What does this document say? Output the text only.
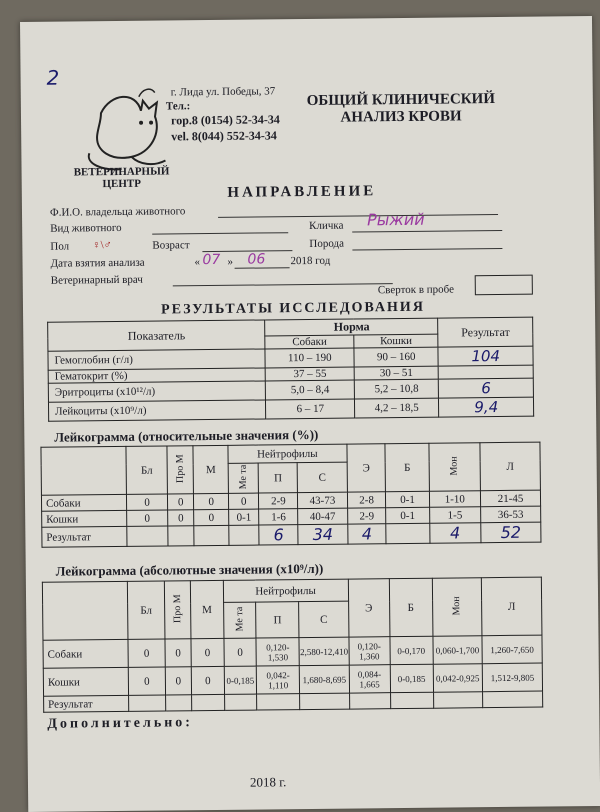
2
г. Лида ул. Победы, 37
Тел.:
гор.8 (0154) 52-34-34
vel. 8(044) 552-34-34
ОБЩИЙ КЛИНИЧЕСКИЙ
АНАЛИЗ КРОВИ
ВЕТЕРИНАРНЫЙ
ЦЕНТР	НАПРАВЛЕНИЕ
Ф.И.О. владельца животного
Вид животного	Кличка Рыжий
Пол ♀\♂	Возраст	Порода
Дата взятия анализа	« 07 » 06 2018 год
Ветеринарный врач
Сверток в пробе
РЕЗУЛЬТАТЫ ИССЛЕДОВАНИЯ
Показатель	Норма		Результат
	Собаки	Кошки	
Гемоглобин (г/л)	110 – 190	90 – 160	104
Гематокрит (%)	37 – 55	30 – 51	
Эритроциты (x10¹²/л)	5,0 – 8,4	5,2 – 10,8	6
Лейкоциты (x10⁹/л)	6 – 17	4,2 – 18,5	9,4
Лейкограмма (относительные значения (%))
	Бл	Про М	М	Нейтрофилы			Э	Б	Мон	Л
				Ме та	П	С				
Собаки	0	0	0	0	2-9	43-73	2-8	0-1	1-10	21-45
Кошки	0	0	0	0-1	1-6	40-47	2-9	0-1	1-5	36-53
Результат					6	34	4		4	52
Лейкограмма (абсолютные значения (x10⁹/л))
	Бл	Про М	М	Нейтрофилы			Э	Б	Мон	Л
				Ме та	П	С				
Собаки	0	0	0	0	0,120-1,530	2,580-12,410	0,120-1,360	0-0,170	0,060-1,700	1,260-7,650
Кошки	0	0	0	0-0,185	0,042-1,110	1,680-8,695	0,084-1,665	0-0,185	0,042-0,925	1,512-9,805
Результат										
Дополнительно:
2018 г.
